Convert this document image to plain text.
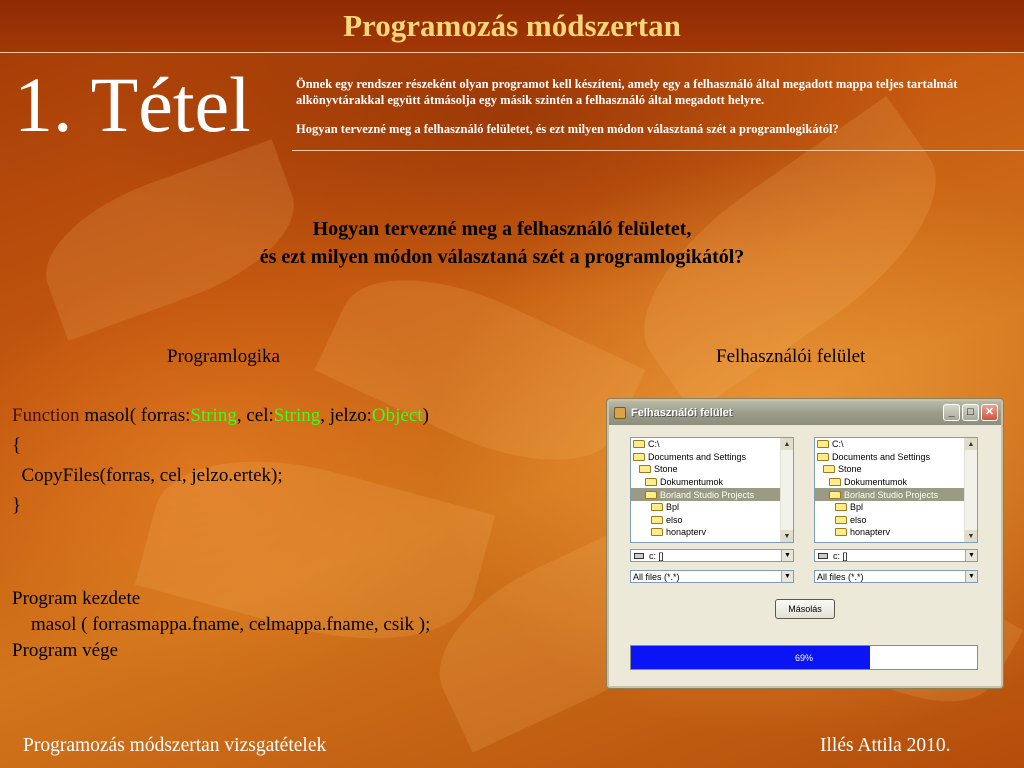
Programozás módszertan
1. Tétel	Önnek egy rendszer részeként olyan programot kell készíteni, amely egy a felhasználó által megadott mappa teljes tartalmát alkönyvtárakkal együtt átmásolja egy másik szintén a felhasználó által megadott helyre.

Hogyan tervezné meg a felhasználó felületet, és ezt milyen módon választaná szét a programlogikától?

Hogyan tervezné meg a felhasználó felületet,
és ezt milyen módon választaná szét a programlogikától?
Programlogika	Felhasználói felület
Function masol( forras:String, cel:String, jelzo:Object)
{
CopyFiles(forras, cel, jelzo.ertek);
}
Program kezdete
masol ( forrasmappa.fname, celmappa.fname, csik );
Program vége
Felhasználói felület	_	□	✕
C:\
Documents and Settings
Stone
Dokumentumok
Borland Studio Projects
Bpl
elso
honapterv
▲
▼
C:\
Documents and Settings
Stone
Dokumentumok
Borland Studio Projects
Bpl
elso
honapterv
▲
▼
c: []	▼	c: []	▼
All files (*.*)	▼	All files (*.*)	▼
Másolás
69%
Programozás módszertan vizsgatételek	Illés Attila 2010.
